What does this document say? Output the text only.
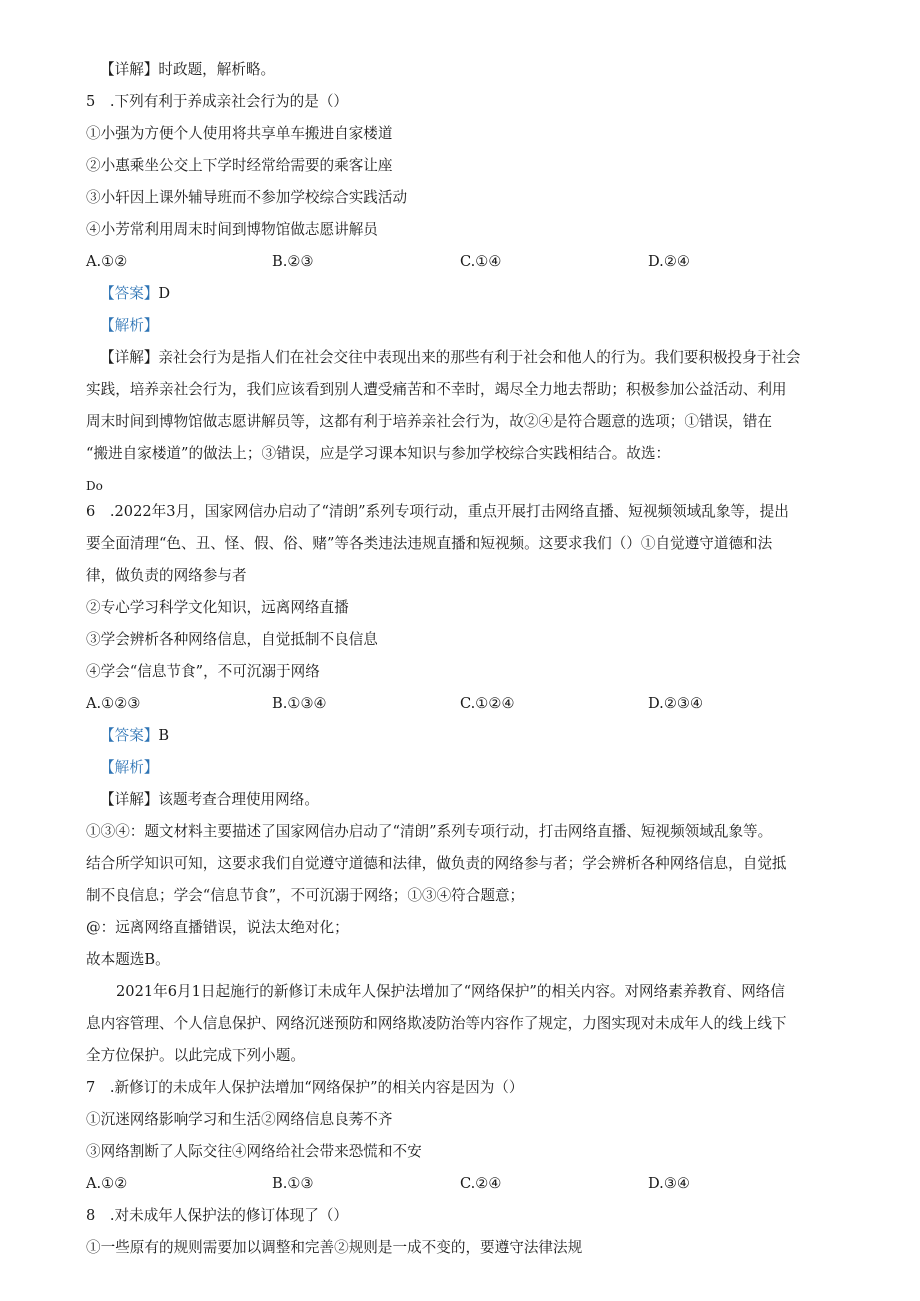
【详解】时政题，解析略。

5　.下列有利于养成亲社会行为的是（）
①小强为方便个人使用将共享单车搬进自家楼道
②小惠乘坐公交上下学时经常给需要的乘客让座
③小轩因上课外辅导班而不参加学校综合实践活动
④小芳常利用周末时间到博物馆做志愿讲解员

A.①②	B.②③	C.①④	D.②④

【答案】D
【解析】
【详解】亲社会行为是指人们在社会交往中表现出来的那些有利于社会和他人的行为。我们要积极投身于社会
实践，培养亲社会行为，我们应该看到别人遭受痛苦和不幸时，竭尽全力地去帮助；积极参加公益活动、利用
周末时间到博物馆做志愿讲解员等，这都有利于培养亲社会行为，故②④是符合题意的选项；①错误，错在
“搬进自家楼道”的做法上；③错误，应是学习课本知识与参加学校综合实践相结合。故选：

Do

6　.2022年3月，国家网信办启动了“清朗”系列专项行动，重点开展打击网络直播、短视频领域乱象等，提出
要全面清理“色、丑、怪、假、俗、赌”等各类违法违规直播和短视频。这要求我们（）①自觉遵守道德和法
律，做负责的网络参与者
②专心学习科学文化知识，远离网络直播
③学会辨析各种网络信息，自觉抵制不良信息
④学会“信息节食”，不可沉溺于网络

A.①②③	B.①③④	C.①②④	D.②③④

【答案】B
【解析】
【详解】该题考查合理使用网络。
①③④：题文材料主要描述了国家网信办启动了“清朗”系列专项行动，打击网络直播、短视频领域乱象等。
结合所学知识可知，这要求我们自觉遵守道德和法律，做负责的网络参与者；学会辨析各种网络信息，自觉抵
制不良信息；学会“信息节食”，不可沉溺于网络；①③④符合题意；
@：远离网络直播错误，说法太绝对化；
故本题选B。

2021年6月1日起施行的新修订未成年人保护法增加了“网络保护”的相关内容。对网络素养教育、网络信
息内容管理、个人信息保护、网络沉迷预防和网络欺凌防治等内容作了规定，力图实现对未成年人的线上线下
全方位保护。以此完成下列小题。

7　.新修订的未成年人保护法增加“网络保护”的相关内容是因为（）
①沉迷网络影响学习和生活②网络信息良莠不齐
③网络割断了人际交往④网络给社会带来恐慌和不安

A.①②	B.①③	C.②④	D.③④

8　.对未成年人保护法的修订体现了（）
①一些原有的规则需要加以调整和完善②规则是一成不变的，要遵守法律法规
